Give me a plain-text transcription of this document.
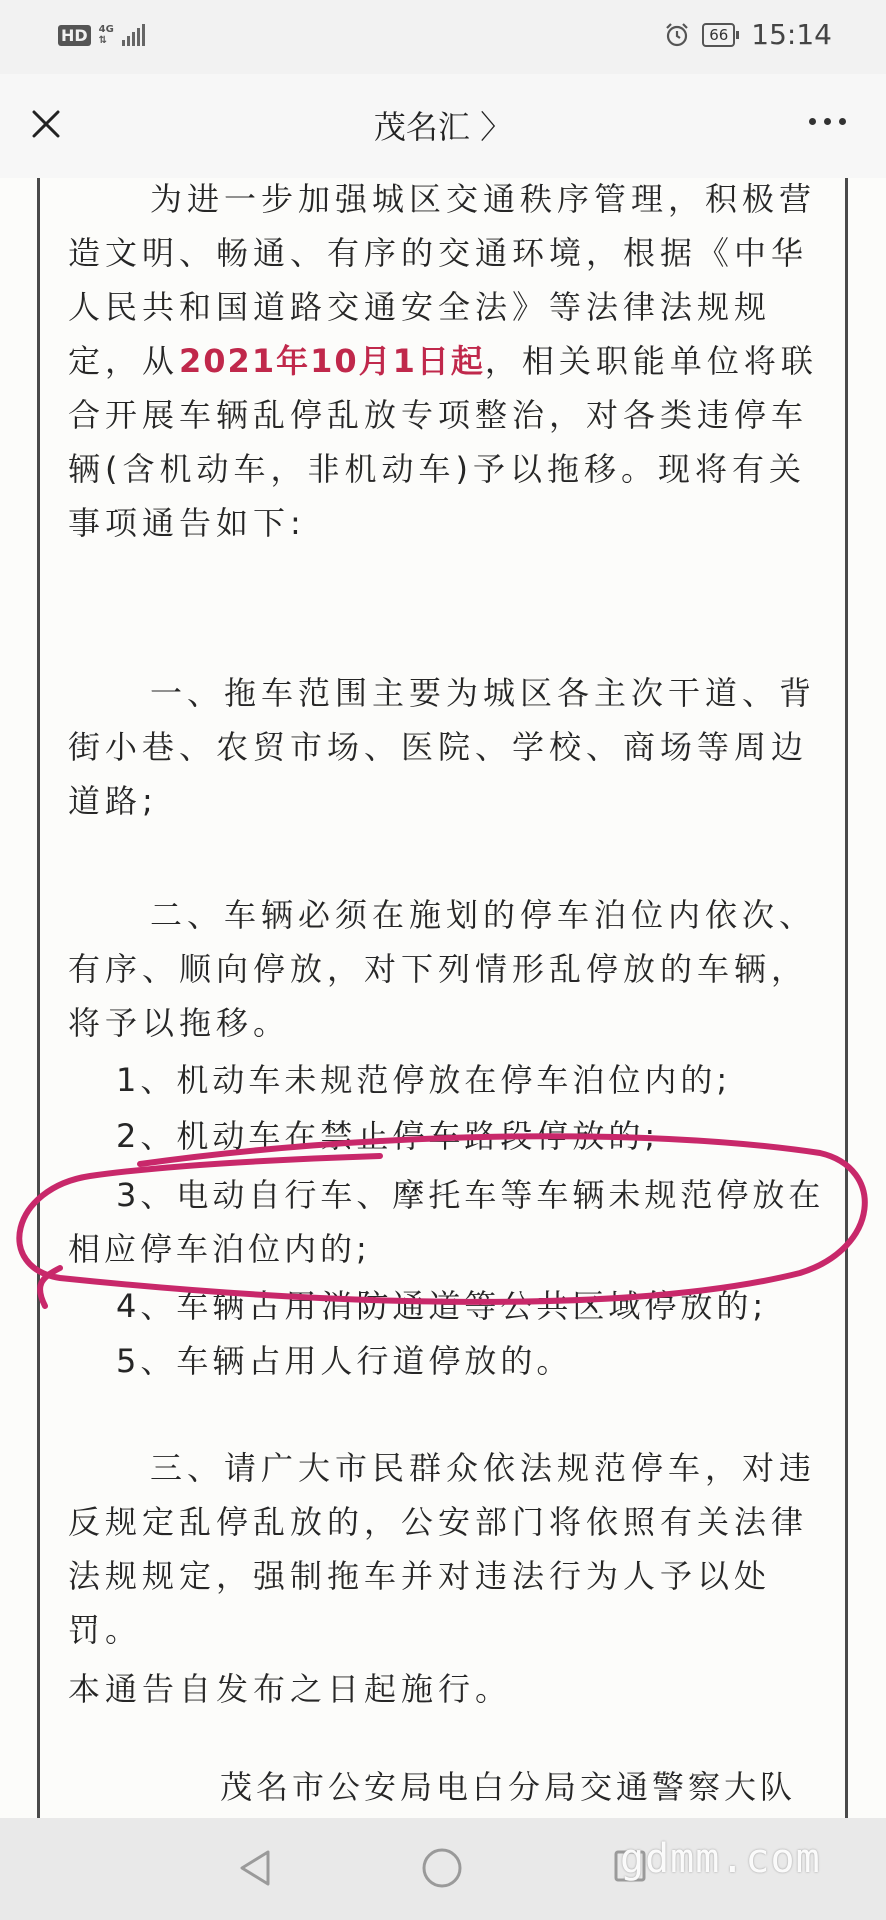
HD	4G
⇅	66 15:14
茂名汇 〉

为进一步加强城区交通秩序管理，积极营造文明、畅通、有序的交通环境，根据《中华人民共和国道路交通安全法》等法律法规规定，从2021年10月1日起，相关职能单位将联合开展车辆乱停乱放专项整治，对各类违停车辆(含机动车，非机动车)予以拖移。现将有关事项通告如下:

一、拖车范围主要为城区各主次干道、背街小巷、农贸市场、医院、学校、商场等周边道路;

二、车辆必须在施划的停车泊位内依次、有序、顺向停放，对下列情形乱停放的车辆，将予以拖移。

1、机动车未规范停放在停车泊位内的;

2、机动车在禁止停车路段停放的;

3、电动自行车、摩托车等车辆未规范停放在相应停车泊位内的;

4、车辆占用消防通道等公共区域停放的;

5、车辆占用人行道停放的。

三、请广大市民群众依法规范停车，对违反规定乱停乱放的，公安部门将依照有关法律法规规定，强制拖车并对违法行为人予以处罚。

本通告自发布之日起施行。

茂名市公安局电白分局交通警察大队

gdmm.com
